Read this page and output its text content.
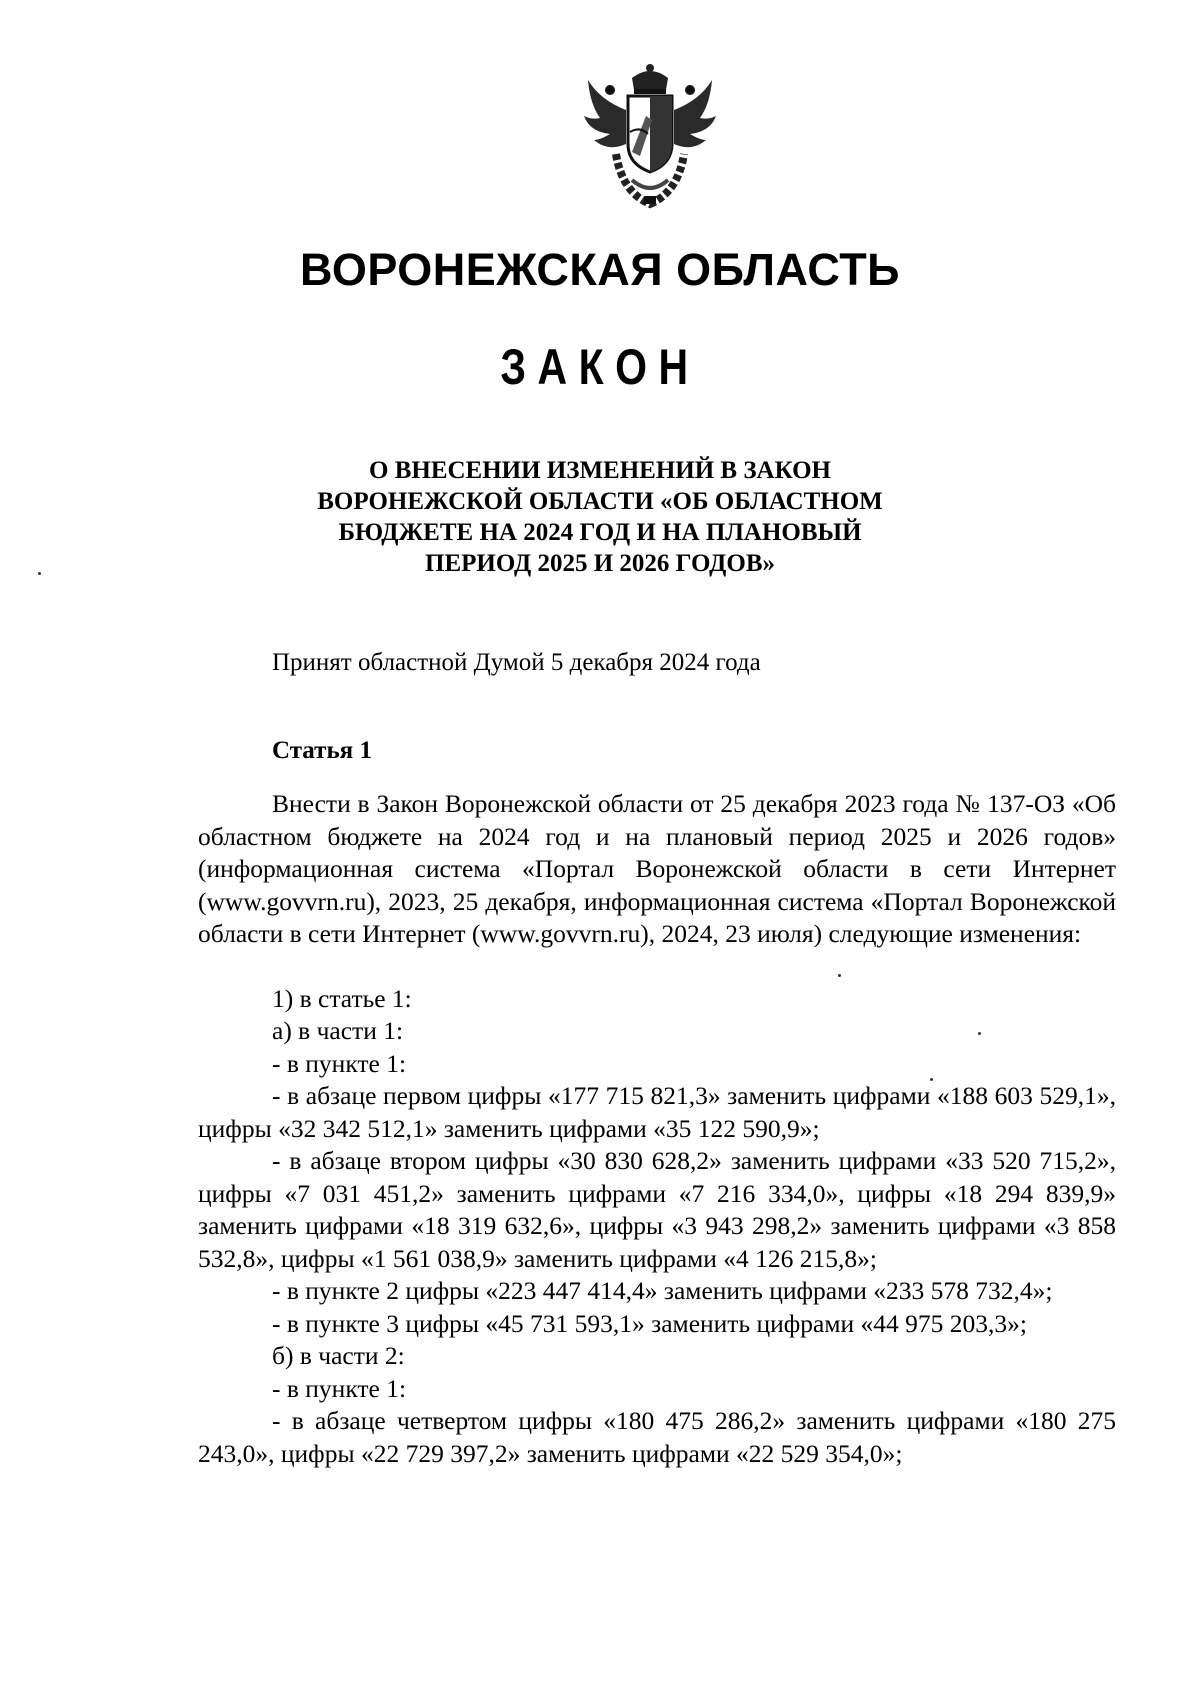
ВОРОНЕЖСКАЯ ОБЛАСТЬ
ЗАКОН
О ВНЕСЕНИИ ИЗМЕНЕНИЙ В ЗАКОН
ВОРОНЕЖСКОЙ ОБЛАСТИ «ОБ ОБЛАСТНОМ
БЮДЖЕТЕ НА 2024 ГОД И НА ПЛАНОВЫЙ
ПЕРИОД 2025 И 2026 ГОДОВ»
Принят областной Думой 5 декабря 2024 года
Статья 1

Внести в Закон Воронежской области от 25 декабря 2023 года № 137-ОЗ «Об областном бюджете на 2024 год и на плановый период 2025 и 2026 годов» (информационная система «Портал Воронежской области в сети Интернет (www.govvrn.ru), 2023, 25 декабря, информационная система «Портал Воронежской области в сети Интернет (www.govvrn.ru), 2024, 23 июля) следующие изменения:

1) в статье 1:

а) в части 1:

- в пункте 1:

- в абзаце первом цифры «177 715 821,3» заменить цифрами «188 603 529,1», цифры «32 342 512,1» заменить цифрами «35 122 590,9»;

- в абзаце втором цифры «30 830 628,2» заменить цифрами «33 520 715,2», цифры «7 031 451,2» заменить цифрами «7 216 334,0», цифры «18 294 839,9» заменить цифрами «18 319 632,6», цифры «3 943 298,2» заменить цифрами «3 858 532,8», цифры «1 561 038,9» заменить цифрами «4 126 215,8»;

- в пункте 2 цифры «223 447 414,4» заменить цифрами «233 578 732,4»;

- в пункте 3 цифры «45 731 593,1» заменить цифрами «44 975 203,3»;

б) в части 2:

- в пункте 1:

- в абзаце четвертом цифры «180 475 286,2» заменить цифрами «180 275 243,0», цифры «22 729 397,2» заменить цифрами «22 529 354,0»;
